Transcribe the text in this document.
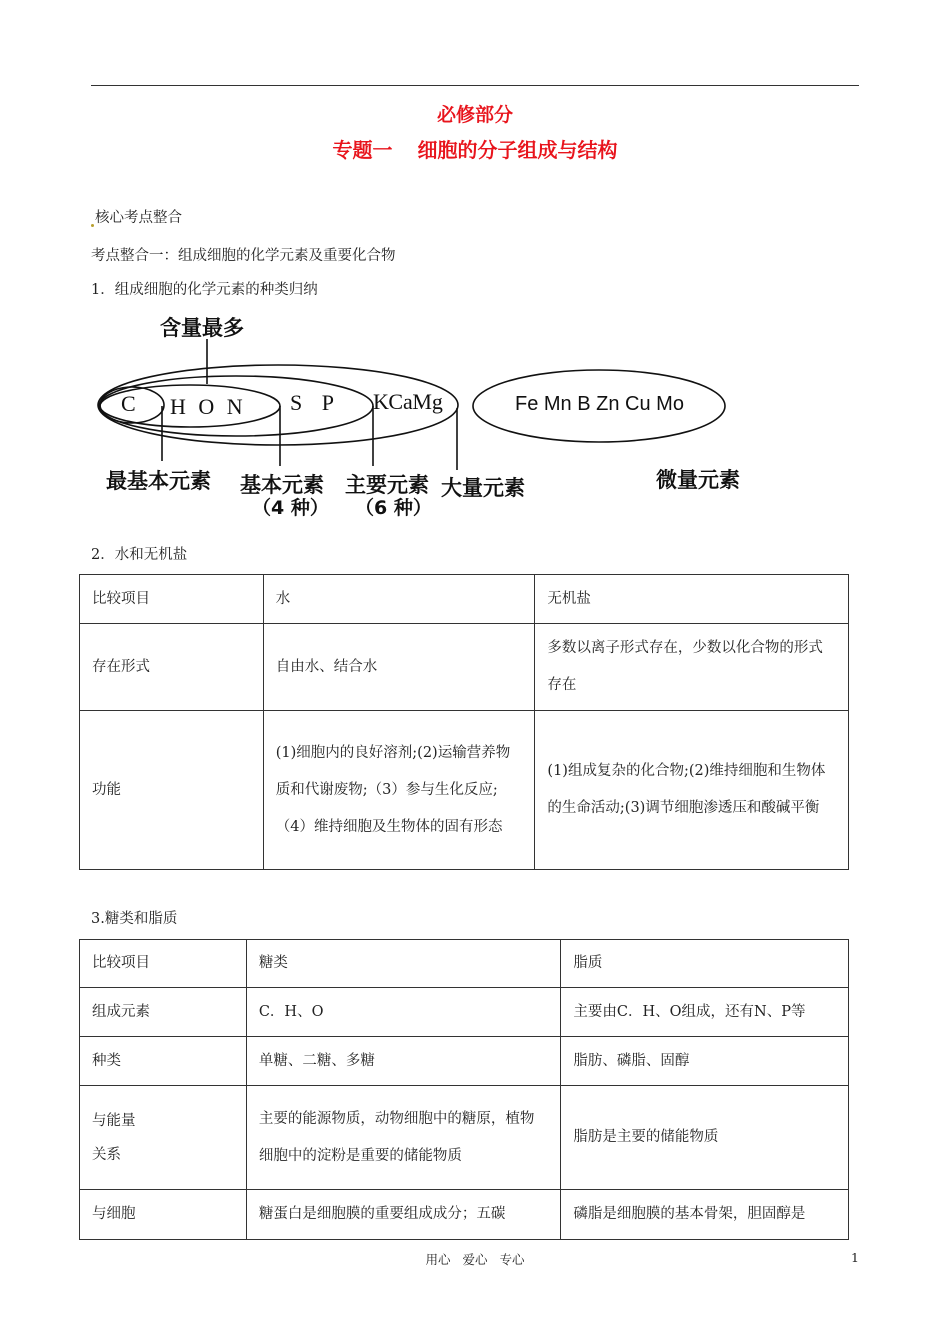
必修部分
专题一 细胞的分子组成与结构
核心考点整合
考点整合一：组成细胞的化学元素及重要化合物
1．组成细胞的化学元素的种类归纳
含量最多
C H O N S P K Ca Mg	Fe Mn B Zn Cu Mo
最基本元素 基本元素
（4 种）
主要元素
（6 种）
大量元素	微量元素
2．水和无机盐
比较项目	水	无机盐
存在形式	自由水、结合水	多数以离子形式存在，少数以化合物的形式存在
功能	(1)细胞内的良好溶剂;(2)运输营养物质和代谢废物;（3）参与生化反应;（4）维持细胞及生物体的固有形态	(1)组成复杂的化合物;(2)维持细胞和生物体的生命活动;(3)调节细胞渗透压和酸碱平衡
3.糖类和脂质
比较项目	糖类	脂质
组成元素	C．H、O	主要由C．H、O组成，还有N、P等
种类	单糖、二糖、多糖	脂肪、磷脂、固醇
与能量关系	主要的能源物质，动物细胞中的糖原，植物细胞中的淀粉是重要的储能物质	脂肪是主要的储能物质
与细胞	糖蛋白是细胞膜的重要组成成分；五碳	磷脂是细胞膜的基本骨架，胆固醇是
用心 爱心 专心	1
